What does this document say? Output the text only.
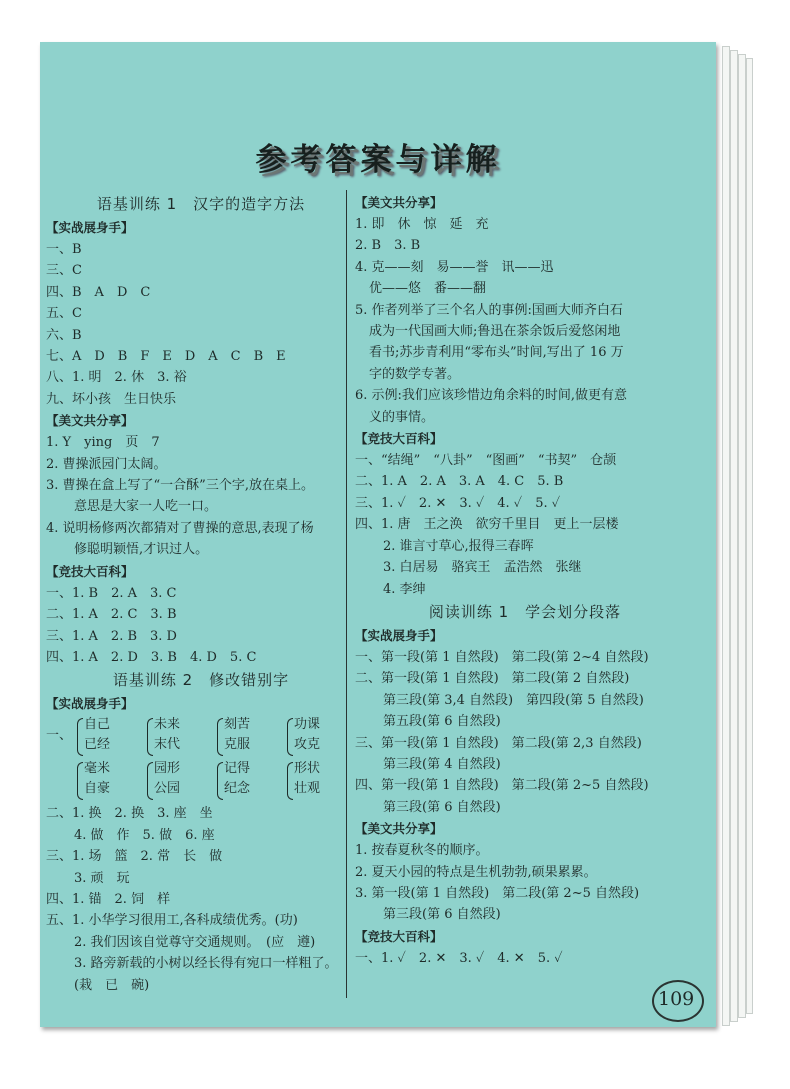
参考答案与详解
语基训练 1　汉字的造字方法
【实战展身手】
一、B
三、C
四、B　A　D　C
五、C
六、B
七、A　D　B　F　E　D　A　C　B　E
八、1. 明　2. 休　3. 裕
九、坏小孩　生日快乐
【美文共分享】
1. Y　ying　页　7
2. 曹操派园门太阔。
3. 曹操在盒上写了“一合酥”三个字,放在桌上。
意思是大家一人吃一口。
4. 说明杨修两次都猜对了曹操的意思,表现了杨
修聪明颖悟,才识过人。
【竞技大百科】
一、1. B　2. A　3. C
二、1. A　2. C　3. B
三、1. A　2. B　3. D
四、1. A　2. D　3. B　4. D　5. C
语基训练 2　修改错别字
【实战展身手】
一、
自己
已经
未来
末代
刻苦
克服
功课
攻克
毫米
自豪
园形
公园
记得
纪念
形状
壮观
二、1. 换　2. 换　3. 座　坐
4. 做　作　5. 做　6. 座
三、1. 场　篮　2. 常　长　做
3. 顽　玩
四、1. 锚　2. 饲　样
五、1. 小华学习很用工,各科成绩优秀。(功)
2. 我们因该自觉尊守交通规则。　(应　遵)
3. 路旁新载的小树以经长得有宛口一样粗了。
(栽　已　碗)
【美文共分享】
1. 即　休　惊　延　充
2. B　3. B
4. 克——刻　易——誉　讯——迅
优——悠　番——翻
5. 作者列举了三个名人的事例:国画大师齐白石
成为一代国画大师;鲁迅在茶余饭后爱悠闲地
看书;苏步青利用“零布头”时间,写出了 16 万
字的数学专著。
6. 示例:我们应该珍惜边角余料的时间,做更有意
义的事情。
【竞技大百科】
一、“结绳”　“八卦”　“图画”　“书契”　仓颉
二、1. A　2. A　3. A　4. C　5. B
三、1. ✓　2. ✕　3. ✓　4. ✓　5. ✓
四、1. 唐　王之涣　欲穷千里目　更上一层楼
2. 谁言寸草心,报得三春晖
3. 白居易　骆宾王　孟浩然　张继
4. 李绅
阅读训练 1　学会划分段落
【实战展身手】
一、第一段(第 1 自然段)　第二段(第 2~4 自然段)
二、第一段(第 1 自然段)　第二段(第 2 自然段)
第三段(第 3,4 自然段)　第四段(第 5 自然段)
第五段(第 6 自然段)
三、第一段(第 1 自然段)　第二段(第 2,3 自然段)
第三段(第 4 自然段)
四、第一段(第 1 自然段)　第二段(第 2~5 自然段)
第三段(第 6 自然段)
【美文共分享】
1. 按春夏秋冬的顺序。
2. 夏天小园的特点是生机勃勃,硕果累累。
3. 第一段(第 1 自然段)　第二段(第 2~5 自然段)
第三段(第 6 自然段)
【竞技大百科】
一、1. ✓　2. ✕　3. ✓　4. ✕　5. ✓
109
